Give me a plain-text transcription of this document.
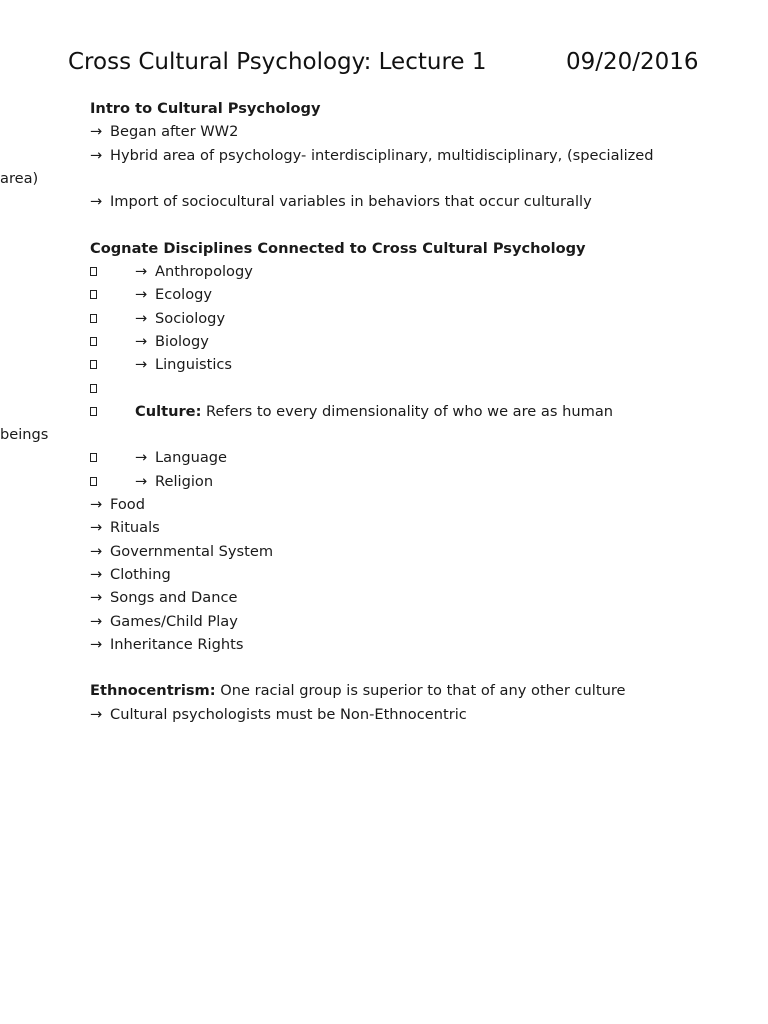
Cross Cultural Psychology: Lecture 1	09/20/2016
Intro to Cultural Psychology
→ Began after WW2
→ Hybrid area of psychology- interdisciplinary, multidisciplinary, (specialized
area)
→ Import of sociocultural variables in behaviors that occur culturally
Cognate Disciplines Connected to Cross Cultural Psychology
→ Anthropology
→ Ecology
→ Sociology
→ Biology
→ Linguistics
Culture: Refers to every dimensionality of who we are as human
beings
→ Language
→ Religion
→ Food
→ Rituals
→ Governmental System
→ Clothing
→ Songs and Dance
→ Games/Child Play
→ Inheritance Rights
Ethnocentrism: One racial group is superior to that of any other culture
→ Cultural psychologists must be Non-Ethnocentric
